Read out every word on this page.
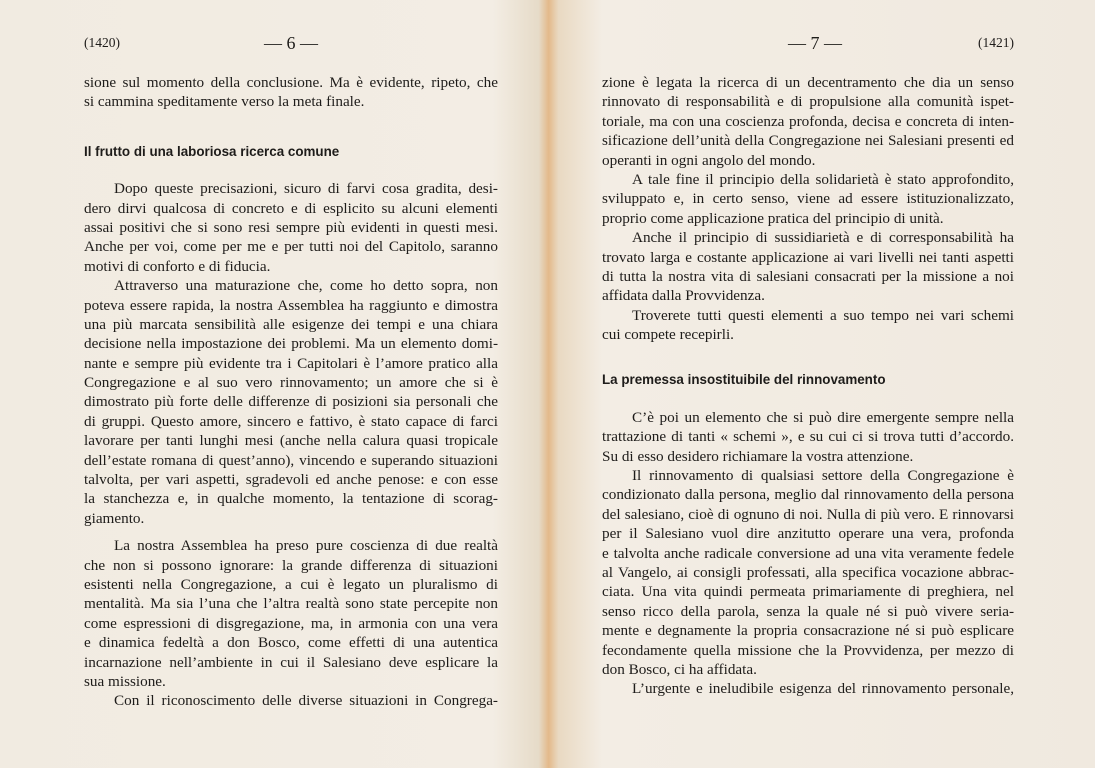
(1420)	— 6 —
sione sul momento della conclusione. Ma è evidente, ripeto, che
si cammina speditamente verso la meta finale.
Il frutto di una laboriosa ricerca comune
Dopo queste precisazioni, sicuro di farvi cosa gradita, desi-
dero dirvi qualcosa di concreto e di esplicito su alcuni elementi
assai positivi che si sono resi sempre più evidenti in questi mesi.
Anche per voi, come per me e per tutti noi del Capitolo, saranno
motivi di conforto e di fiducia.
Attraverso una maturazione che, come ho detto sopra, non
poteva essere rapida, la nostra Assemblea ha raggiunto e dimostra
una più marcata sensibilità alle esigenze dei tempi e una chiara
decisione nella impostazione dei problemi. Ma un elemento domi-
nante e sempre più evidente tra i Capitolari è l’amore pratico alla
Congregazione e al suo vero rinnovamento; un amore che si è
dimostrato più forte delle differenze di posizioni sia personali che
di gruppi. Questo amore, sincero e fattivo, è stato capace di farci
lavorare per tanti lunghi mesi (anche nella calura quasi tropicale
dell’estate romana di quest’anno), vincendo e superando situazioni
talvolta, per vari aspetti, sgradevoli ed anche penose: e con esse
la stanchezza e, in qualche momento, la tentazione di scorag-
giamento.
La nostra Assemblea ha preso pure coscienza di due realtà
che non si possono ignorare: la grande differenza di situazioni
esistenti nella Congregazione, a cui è legato un pluralismo di
mentalità. Ma sia l’una che l’altra realtà sono state percepite non
come espressioni di disgregazione, ma, in armonia con una vera
e dinamica fedeltà a don Bosco, come effetti di una autentica
incarnazione nell’ambiente in cui il Salesiano deve esplicare la
sua missione.
Con il riconoscimento delle diverse situazioni in Congrega-
— 7 —	(1421)
zione è legata la ricerca di un decentramento che dia un senso
rinnovato di responsabilità e di propulsione alla comunità ispet-
toriale, ma con una coscienza profonda, decisa e concreta di inten-
sificazione dell’unità della Congregazione nei Salesiani presenti ed
operanti in ogni angolo del mondo.
A tale fine il principio della solidarietà è stato approfondito,
sviluppato e, in certo senso, viene ad essere istituzionalizzato,
proprio come applicazione pratica del principio di unità.
Anche il principio di sussidiarietà e di corresponsabilità ha
trovato larga e costante applicazione ai vari livelli nei tanti aspetti
di tutta la nostra vita di salesiani consacrati per la missione a noi
affidata dalla Provvidenza.
Troverete tutti questi elementi a suo tempo nei vari schemi
cui compete recepirli.
La premessa insostituibile del rinnovamento
C’è poi un elemento che si può dire emergente sempre nella
trattazione di tanti « schemi », e su cui ci si trova tutti d’accordo.
Su di esso desidero richiamare la vostra attenzione.
Il rinnovamento di qualsiasi settore della Congregazione è
condizionato dalla persona, meglio dal rinnovamento della persona
del salesiano, cioè di ognuno di noi. Nulla di più vero. E rinnovarsi
per il Salesiano vuol dire anzitutto operare una vera, profonda
e talvolta anche radicale conversione ad una vita veramente fedele
al Vangelo, ai consigli professati, alla specifica vocazione abbrac-
ciata. Una vita quindi permeata primariamente di preghiera, nel
senso ricco della parola, senza la quale né si può vivere seria-
mente e degnamente la propria consacrazione né si può esplicare
fecondamente quella missione che la Provvidenza, per mezzo di
don Bosco, ci ha affidata.
L’urgente e ineludibile esigenza del rinnovamento personale,
